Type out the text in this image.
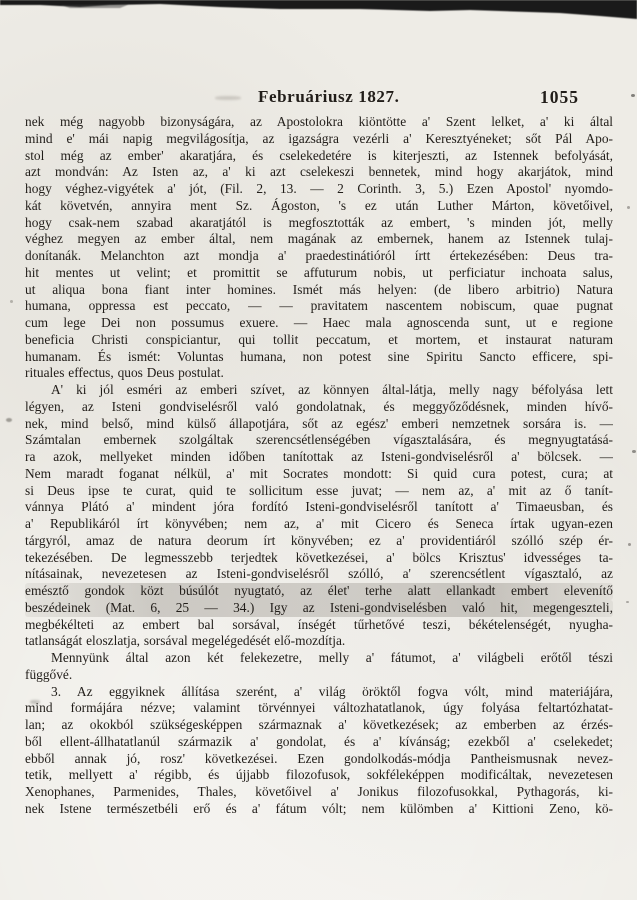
Februáriusz 1827.	1055
nek még nagyobb bizonyságára, az Apostolokra kiöntötte a' Szent lelket, a' ki által
mind e' mái napig megvilágosítja, az igazságra vezérli a' Keresztyéneket; sőt Pál Apo-
stol még az ember' akaratjára, és cselekedetére is kiterjeszti, az Istennek befolyását,
azt mondván: Az Isten az, a' ki azt cselekeszi bennetek, mind hogy akarjátok, mind
hogy véghez-vigyétek a' jót, (Fil. 2, 13. — 2 Corinth. 3, 5.) Ezen Apostol' nyomdo-
kát követvén, annyira ment Sz. Ágoston, 's ez után Luther Márton, követőivel,
hogy csak-nem szabad akaratjától is megfosztották az embert, 's minden jót, melly
véghez megyen az ember által, nem magának az embernek, hanem az Istennek tulaj-
donítanák. Melanchton azt mondja a' praedestinátióról írtt értekezésében: Deus tra-
hit mentes ut velint; et promittit se affuturum nobis, ut perficiatur inchoata salus,
ut aliqua bona fiant inter homines. Ismét más helyen: (de libero arbitrio) Natura
humana, oppressa est peccato, — — pravitatem nascentem nobiscum, quae pugnat
cum lege Dei non possumus exuere. — Haec mala agnoscenda sunt, ut e regione
beneficia Christi conspiciantur, qui tollit peccatum, et mortem, et instaurat naturam
humanam. És ismét: Voluntas humana, non potest sine Spiritu Sancto efficere, spi-
rituales effectus, quos Deus postulat.
A' ki jól esméri az emberi szívet, az könnyen által-látja, melly nagy béfolyása lett
légyen, az Isteni gondviselésről való gondolatnak, és meggyőződésnek, minden hívő-
nek, mind belső, mind külső állapotjára, sőt az egész' emberi nemzetnek sorsára is. —
Számtalan embernek szolgáltak szerencsétlenségében vígasztalására, és megnyugtatásá-
ra azok, mellyeket minden időben tanítottak az Isteni-gondviselésről a' bölcsek. —
Nem maradt foganat nélkül, a' mit Socrates mondott: Si quid cura potest, cura; at
si Deus ipse te curat, quid te sollicitum esse juvat; — nem az, a' mit az ő tanít-
vánnya Plátó a' mindent jóra fordító Isteni-gondviselésről tanított a' Timaeusban, és
a' Republikáról írt könyvében; nem az, a' mit Cicero és Seneca írtak ugyan-ezen
tárgyról, amaz de natura deorum írt könyvében; ez a' providentiáról szólló szép ér-
tekezésében. De legmesszebb terjedtek következései, a' bölcs Krisztus' idvességes ta-
nításainak, nevezetesen az Isteni-gondviselésről szólló, a' szerencsétlent vígasztaló, az
emésztő gondok közt búsúlót nyugtató, az élet' terhe alatt ellankadt embert elevenítő
beszédeinek (Mat. 6, 25 — 34.) Igy az Isteni-gondviselésben való hit, megengeszteli,
megbékélteti az embert bal sorsával, ínségét tűrhetővé teszi, békételenségét, nyugha-
tatlanságát eloszlatja, sorsával megelégedését elő-mozdítja.
Mennyünk által azon két felekezetre, melly a' fátumot, a' világbeli erőtől tészi
függővé.
3. Az eggyiknek állítása szerént, a' világ öröktől fogva vólt, mind materiájára,
mind formájára nézve; valamint törvénnyei változhatatlanok, úgy folyása feltartózhatat-
lan; az okokból szükségesképpen származnak a' következések; az emberben az érzés-
ből ellent-állhatatlanúl származik a' gondolat, és a' kívánság; ezekből a' cselekedet;
ebből annak jó, rosz' következései. Ezen gondolkodás-módja Pantheismusnak nevez-
tetik, mellyett a' régibb, és újjabb filozofusok, sokféleképpen modificáltak, nevezetesen
Xenophanes, Parmenides, Thales, követőivel a' Jonikus filozofusokkal, Pythagorás, ki-
nek Istene természetbéli erő és a' fátum vólt; nem külömben a' Kittioni Zeno, kö-
